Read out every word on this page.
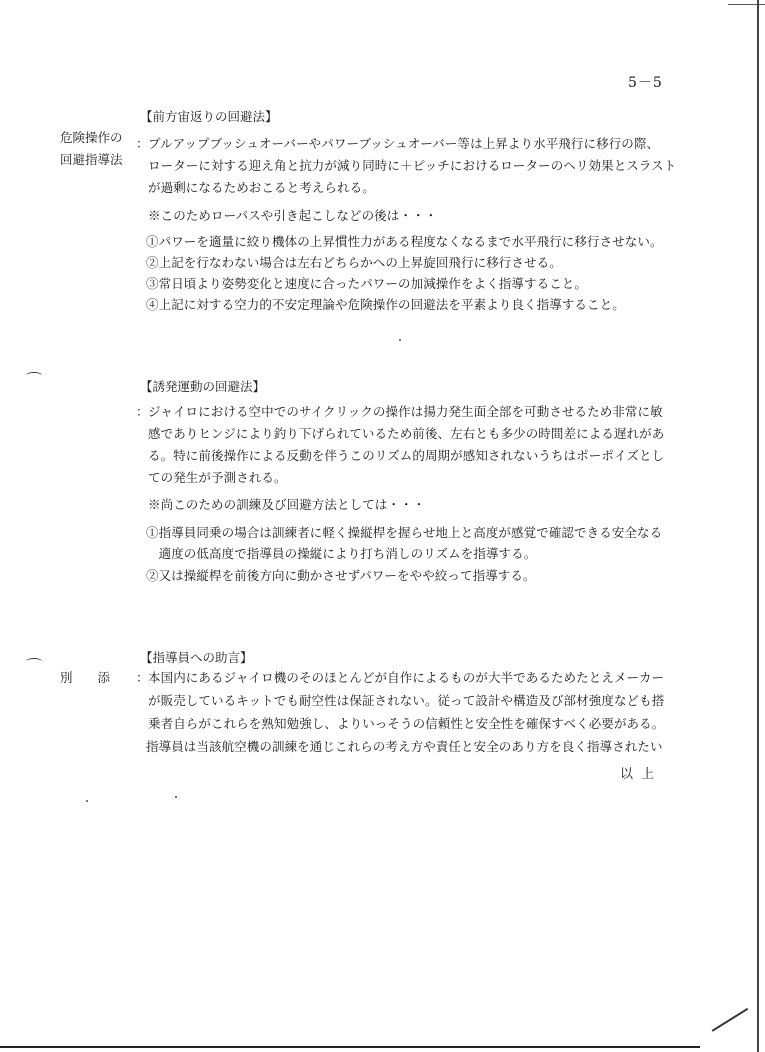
5－5
【前方宙返りの回避法】
危険操作の
回避指導法
： プルアップブッシュオーバーやパワーブッシュオーバー等は上昇より水平飛行に移行の際、
ローターに対する迎え角と抗力が減り同時に＋ピッチにおけるローターのヘリ効果とスラスト
が過剰になるためおこると考えられる。
※このためローパスや引き起こしなどの後は・・・
①パワーを適量に絞り機体の上昇慣性力がある程度なくなるまで水平飛行に移行させない。
②上記を行なわない場合は左右どちらかへの上昇旋回飛行に移行させる。
③常日頃より姿勢変化と速度に合ったパワーの加減操作をよく指導すること。
④上記に対する空力的不安定理論や危険操作の回避法を平素より良く指導すること。
【誘発運動の回避法】
： ジャイロにおける空中でのサイクリックの操作は揚力発生面全部を可動させるため非常に敏
感でありヒンジにより釣り下げられているため前後、左右とも多少の時間差による遅れがあ
る。特に前後操作による反動を伴うこのリズム的周期が感知されないうちはポーポイズとし
ての発生が予測される。
※尚このための訓練及び回避方法としては・・・
①指導員同乗の場合は訓練者に軽く操縦桿を握らせ地上と高度が感覚で確認できる安全なる
　適度の低高度で指導員の操縦により打ち消しのリズムを指導する。
②又は操縦桿を前後方向に動かさせずパワーをやや絞って指導する。
【指導員への助言】
別　　添 ： 本国内にあるジャイロ機のそのほとんどが自作によるものが大半であるためたとえメーカー
が販売しているキットでも耐空性は保証されない。従って設計や構造及び部材強度なども搭
乗者自らがこれらを熟知勉強し、よりいっそうの信頼性と安全性を確保すべく必要がある。
指導員は当該航空機の訓練を通じこれらの考え方や責任と安全のあり方を良く指導されたい
以上
